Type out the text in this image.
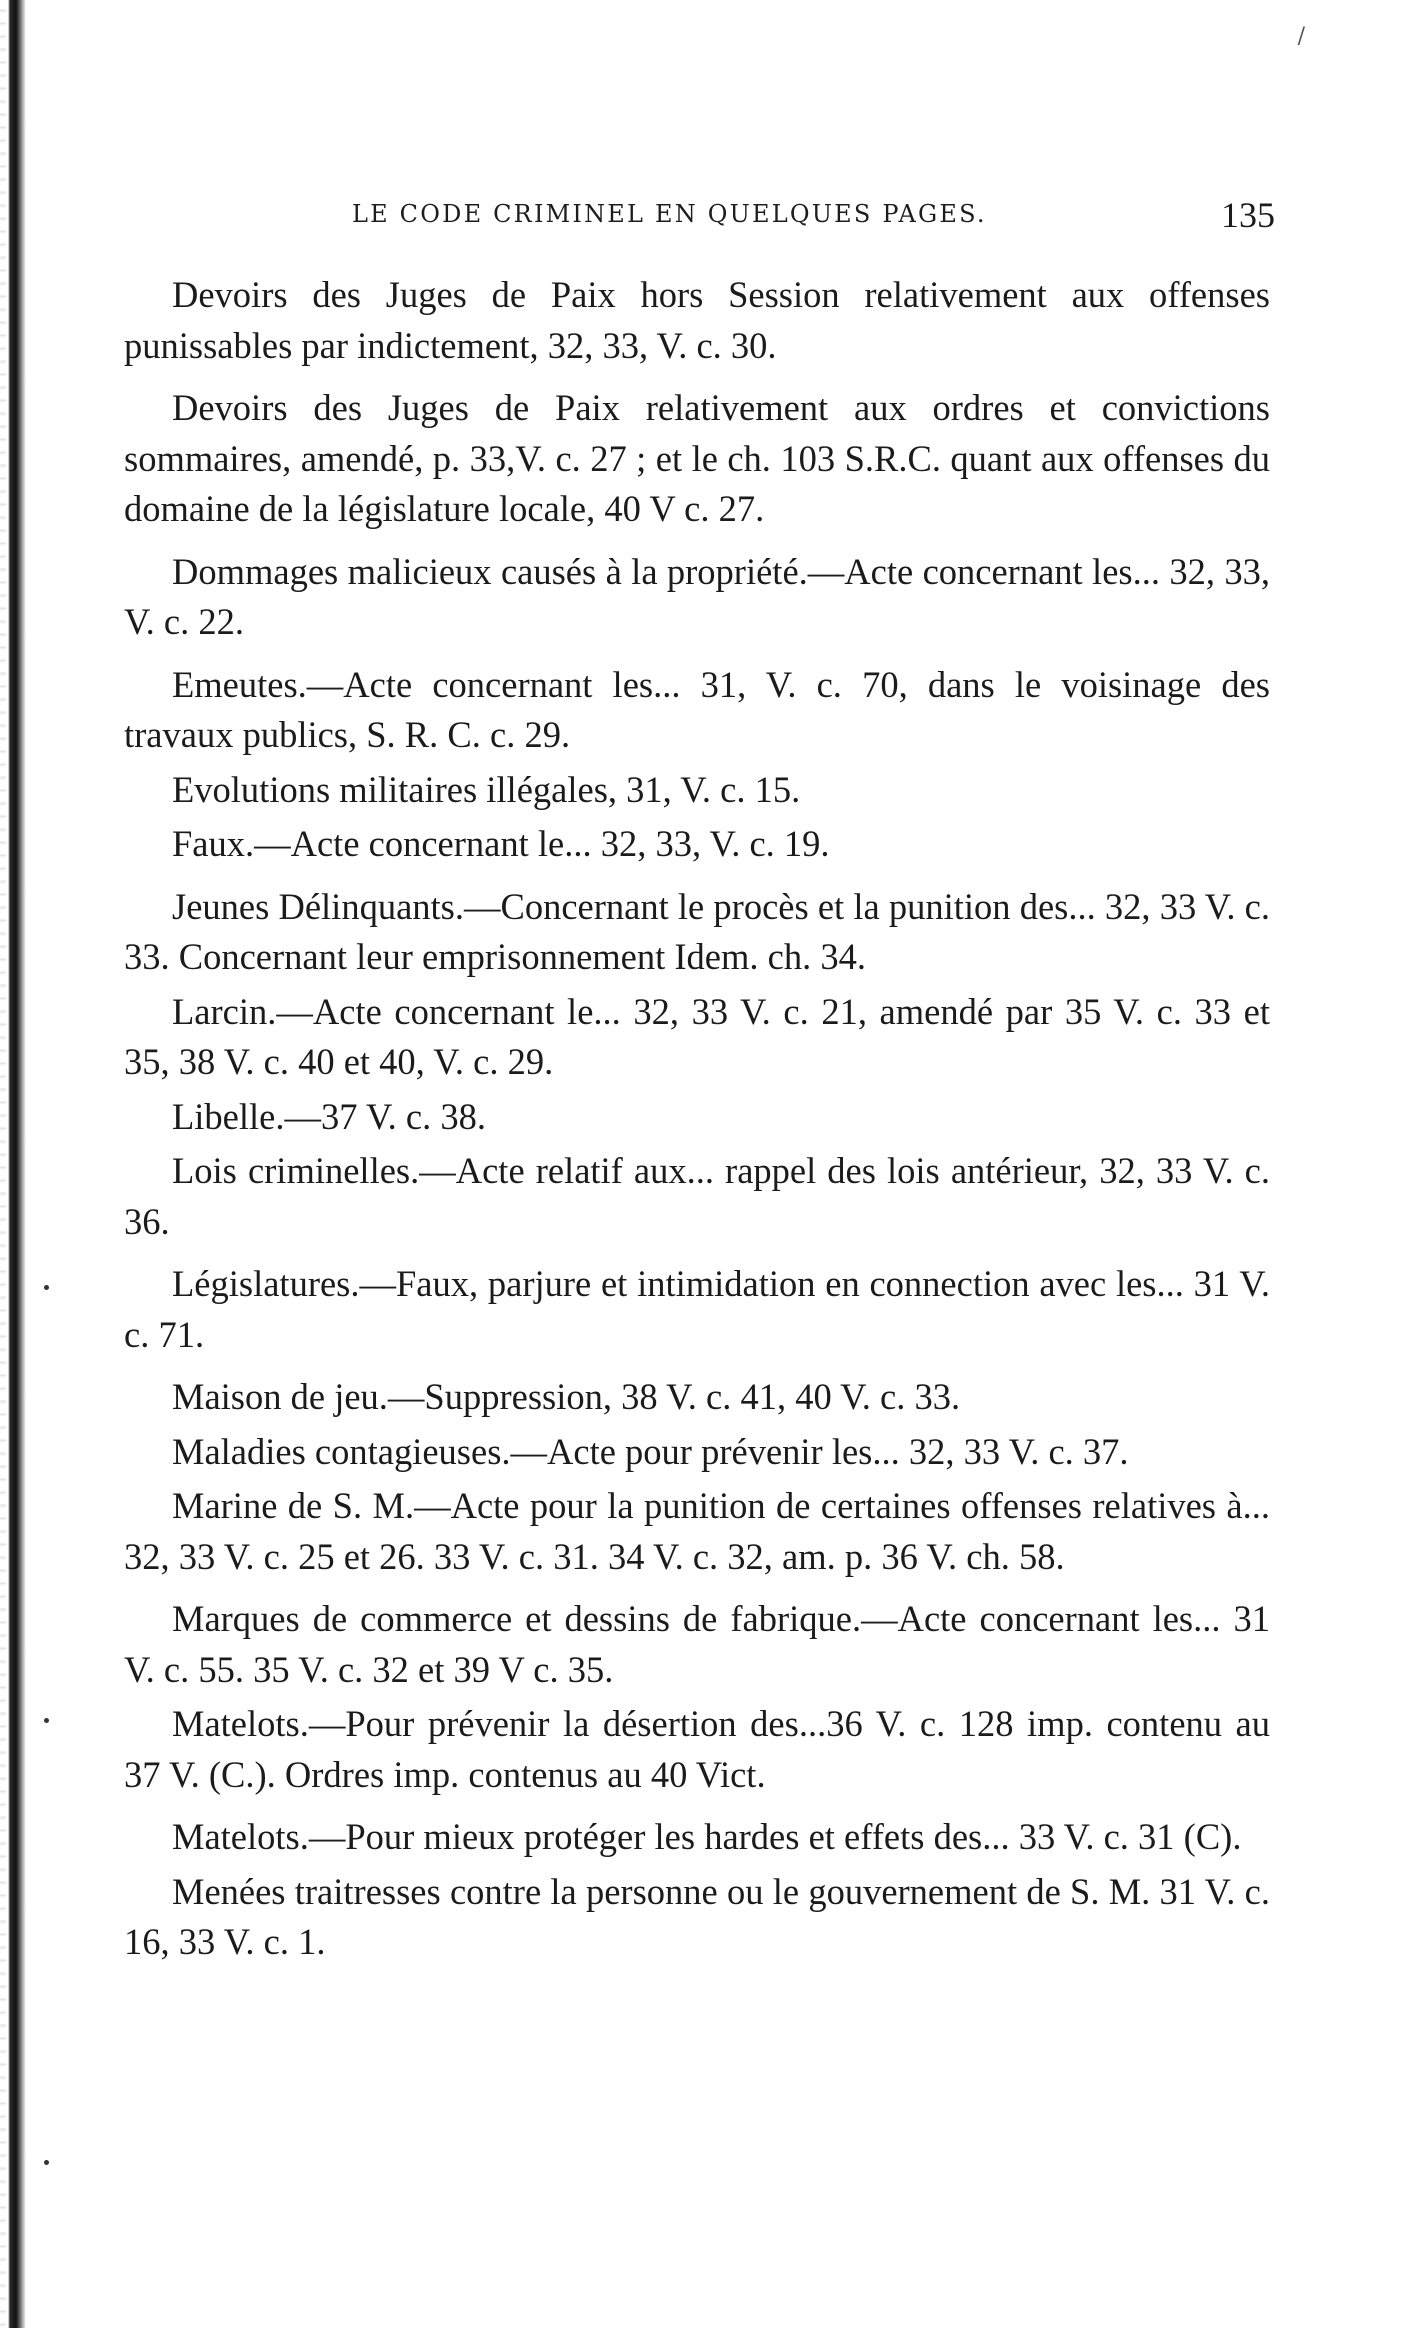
/
LE CODE CRIMINEL EN QUELQUES PAGES.	135

Devoirs des Juges de Paix hors Session relativement aux offenses punissables par indictement, 32, 33, V. c. 30.

Devoirs des Juges de Paix relativement aux ordres et convictions sommaires, amendé, p. 33,V. c. 27 ; et le ch. 103 S.R.C. quant aux offenses du domaine de la législature locale, 40 V c. 27.

Dommages malicieux causés à la propriété.—Acte concernant les... 32, 33, V. c. 22.

Emeutes.—Acte concernant les... 31, V. c. 70, dans le voisinage des travaux publics, S. R. C. c. 29.

Evolutions militaires illégales, 31, V. c. 15.

Faux.—Acte concernant le... 32, 33, V. c. 19.

Jeunes Délinquants.—Concernant le procès et la punition des... 32, 33 V. c. 33. Concernant leur emprisonnement Idem. ch. 34.

Larcin.—Acte concernant le... 32, 33 V. c. 21, amendé par 35 V. c. 33 et 35, 38 V. c. 40 et 40, V. c. 29.

Libelle.—37 V. c. 38.

Lois criminelles.—Acte relatif aux... rappel des lois antérieur, 32, 33 V. c. 36.

Législatures.—Faux, parjure et intimidation en connection avec les... 31 V. c. 71.

Maison de jeu.—Suppression, 38 V. c. 41, 40 V. c. 33.

Maladies contagieuses.—Acte pour prévenir les... 32, 33 V. c. 37.

Marine de S. M.—Acte pour la punition de certaines offenses relatives à... 32, 33 V. c. 25 et 26. 33 V. c. 31. 34 V. c. 32, am. p. 36 V. ch. 58.

Marques de commerce et dessins de fabrique.—Acte concernant les... 31 V. c. 55. 35 V. c. 32 et 39 V c. 35.

Matelots.—Pour prévenir la désertion des...36 V. c. 128 imp. contenu au 37 V. (C.). Ordres imp. contenus au 40 Vict.

Matelots.—Pour mieux protéger les hardes et effets des... 33 V. c. 31 (C).

Menées traitresses contre la personne ou le gouvernement de S. M. 31 V. c. 16, 33 V. c. 1.
